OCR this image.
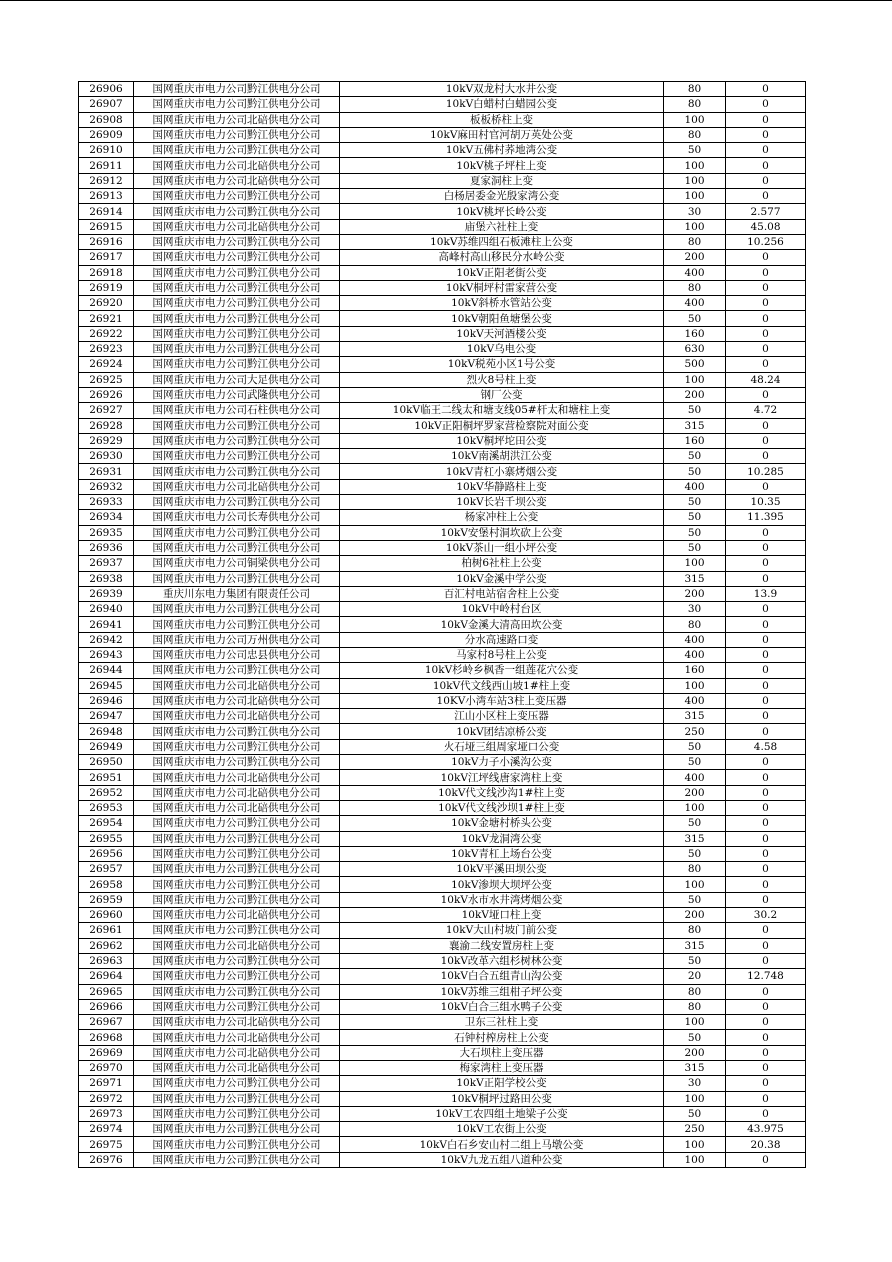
26906	国网重庆市电力公司黔江供电分公司	10kV双龙村大水井公变	80	0
26907	国网重庆市电力公司黔江供电分公司	10kV白蜡村白蜡园公变	80	0
26908	国网重庆市电力公司北碚供电分公司	板板桥柱上变	100	0
26909	国网重庆市电力公司黔江供电分公司	10kV麻田村官河胡万英处公变	80	0
26910	国网重庆市电力公司黔江供电分公司	10kV五佛村荞地湾公变	50	0
26911	国网重庆市电力公司北碚供电分公司	10kV桃子坪柱上变	100	0
26912	国网重庆市电力公司北碚供电分公司	夏家洞柱上变	100	0
26913	国网重庆市电力公司黔江供电分公司	白杨居委金光殷家湾公变	100	0
26914	国网重庆市电力公司黔江供电分公司	10kV桃坪长岭公变	30	2.577
26915	国网重庆市电力公司北碚供电分公司	庙堡六社柱上变	100	45.08
26916	国网重庆市电力公司黔江供电分公司	10kV苏维四组石板滩柱上公变	80	10.256
26917	国网重庆市电力公司黔江供电分公司	高峰村高山移民分水岭公变	200	0
26918	国网重庆市电力公司黔江供电分公司	10kV正阳老街公变	400	0
26919	国网重庆市电力公司黔江供电分公司	10kV桐坪村雷家营公变	80	0
26920	国网重庆市电力公司黔江供电分公司	10kV斜桥水管站公变	400	0
26921	国网重庆市电力公司黔江供电分公司	10kV朝阳鱼塘堡公变	50	0
26922	国网重庆市电力公司黔江供电分公司	10kV天河酒楼公变	160	0
26923	国网重庆市电力公司黔江供电分公司	10kV乌电公变	630	0
26924	国网重庆市电力公司黔江供电分公司	10kV税苑小区1号公变	500	0
26925	国网重庆市电力公司大足供电分公司	烈火8号柱上变	100	48.24
26926	国网重庆市电力公司武隆供电分公司	钢厂公变	200	0
26927	国网重庆市电力公司石柱供电分公司	10kV临王二线太和塘支线05#杆太和塘柱上变	50	4.72
26928	国网重庆市电力公司黔江供电分公司	10kV正阳桐坪罗家营检察院对面公变	315	0
26929	国网重庆市电力公司黔江供电分公司	10kV桐坪坨田公变	160	0
26930	国网重庆市电力公司黔江供电分公司	10kV南溪胡洪江公变	50	0
26931	国网重庆市电力公司黔江供电分公司	10kV青杠小寨烤烟公变	50	10.285
26932	国网重庆市电力公司北碚供电分公司	10kV华静路柱上变	400	0
26933	国网重庆市电力公司黔江供电分公司	10kV长岩千坝公变	50	10.35
26934	国网重庆市电力公司长寿供电分公司	杨家冲柱上公变	50	11.395
26935	国网重庆市电力公司黔江供电分公司	10kV安堡村洞坎砍上公变	50	0
26936	国网重庆市电力公司黔江供电分公司	10kV茶山一组小坪公变	50	0
26937	国网重庆市电力公司铜梁供电分公司	柏树6社柱上公变	100	0
26938	国网重庆市电力公司黔江供电分公司	10kV金溪中学公变	315	0
26939	重庆川东电力集团有限责任公司	百汇村电站宿舍柱上公变	200	13.9
26940	国网重庆市电力公司黔江供电分公司	10kV中岭村台区	30	0
26941	国网重庆市电力公司黔江供电分公司	10kV金溪大清高田坎公变	80	0
26942	国网重庆市电力公司万州供电分公司	分水高速路口变	400	0
26943	国网重庆市电力公司忠县供电分公司	马家村8号柱上公变	400	0
26944	国网重庆市电力公司黔江供电分公司	10kV杉岭乡枫香一组莲花穴公变	160	0
26945	国网重庆市电力公司北碚供电分公司	10kV代文线西山坡1#柱上变	100	0
26946	国网重庆市电力公司北碚供电分公司	10KV小湾车站3柱上变压器	400	0
26947	国网重庆市电力公司北碚供电分公司	江山小区柱上变压器	315	0
26948	国网重庆市电力公司黔江供电分公司	10kV团结凉桥公变	250	0
26949	国网重庆市电力公司黔江供电分公司	火石垭三组周家垭口公变	50	4.58
26950	国网重庆市电力公司黔江供电分公司	10kV力子小溪沟公变	50	0
26951	国网重庆市电力公司北碚供电分公司	10kV江坪线唐家湾柱上变	400	0
26952	国网重庆市电力公司北碚供电分公司	10kV代文线沙沟1#柱上变	200	0
26953	国网重庆市电力公司北碚供电分公司	10kV代文线沙坝1#柱上变	100	0
26954	国网重庆市电力公司黔江供电分公司	10kV金塘村桥头公变	50	0
26955	国网重庆市电力公司黔江供电分公司	10kV龙洞湾公变	315	0
26956	国网重庆市电力公司黔江供电分公司	10kV青杠上场台公变	50	0
26957	国网重庆市电力公司黔江供电分公司	10kV平溪田坝公变	80	0
26958	国网重庆市电力公司黔江供电分公司	10kV渗坝大坝坪公变	100	0
26959	国网重庆市电力公司黔江供电分公司	10kV水市水井湾烤烟公变	50	0
26960	国网重庆市电力公司北碚供电分公司	10kV垭口柱上变	200	30.2
26961	国网重庆市电力公司黔江供电分公司	10kV大山村坡门前公变	80	0
26962	国网重庆市电力公司北碚供电分公司	襄渝二线安置房柱上变	315	0
26963	国网重庆市电力公司黔江供电分公司	10kV改革六组杉树林公变	50	0
26964	国网重庆市电力公司黔江供电分公司	10kV白合五组青山沟公变	20	12.748
26965	国网重庆市电力公司黔江供电分公司	10kV苏维三组柑子坪公变	80	0
26966	国网重庆市电力公司黔江供电分公司	10kV白合三组水鸭子公变	80	0
26967	国网重庆市电力公司北碚供电分公司	卫东三社柱上变	100	0
26968	国网重庆市电力公司北碚供电分公司	石钟村榨房柱上公变	50	0
26969	国网重庆市电力公司北碚供电分公司	大石坝柱上变压器	200	0
26970	国网重庆市电力公司北碚供电分公司	梅家湾柱上变压器	315	0
26971	国网重庆市电力公司黔江供电分公司	10kV正阳学校公变	30	0
26972	国网重庆市电力公司黔江供电分公司	10kV桐坪过路田公变	100	0
26973	国网重庆市电力公司黔江供电分公司	10kV工农四组土地梁子公变	50	0
26974	国网重庆市电力公司黔江供电分公司	10kV工农街上公变	250	43.975
26975	国网重庆市电力公司黔江供电分公司	10kV白石乡安山村二组上马墩公变	100	20.38
26976	国网重庆市电力公司黔江供电分公司	10kV九龙五组八道种公变	100	0
